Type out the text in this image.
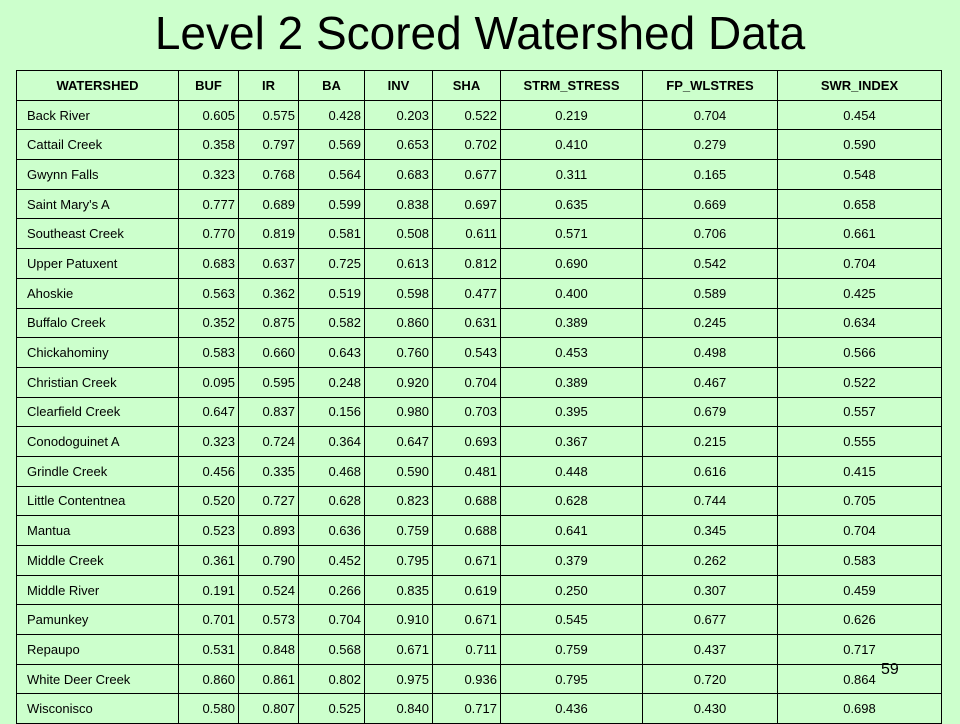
Level 2 Scored Watershed Data
WATERSHED	BUF	IR	BA	INV	SHA	STRM_STRESS	FP_WLSTRES	SWR_INDEX
Back River	0.605	0.575	0.428	0.203	0.522	0.219	0.704	0.454
Cattail Creek	0.358	0.797	0.569	0.653	0.702	0.410	0.279	0.590
Gwynn Falls	0.323	0.768	0.564	0.683	0.677	0.311	0.165	0.548
Saint Mary's A	0.777	0.689	0.599	0.838	0.697	0.635	0.669	0.658
Southeast Creek	0.770	0.819	0.581	0.508	0.611	0.571	0.706	0.661
Upper Patuxent	0.683	0.637	0.725	0.613	0.812	0.690	0.542	0.704
Ahoskie	0.563	0.362	0.519	0.598	0.477	0.400	0.589	0.425
Buffalo Creek	0.352	0.875	0.582	0.860	0.631	0.389	0.245	0.634
Chickahominy	0.583	0.660	0.643	0.760	0.543	0.453	0.498	0.566
Christian Creek	0.095	0.595	0.248	0.920	0.704	0.389	0.467	0.522
Clearfield Creek	0.647	0.837	0.156	0.980	0.703	0.395	0.679	0.557
Conodoguinet A	0.323	0.724	0.364	0.647	0.693	0.367	0.215	0.555
Grindle Creek	0.456	0.335	0.468	0.590	0.481	0.448	0.616	0.415
Little Contentnea	0.520	0.727	0.628	0.823	0.688	0.628	0.744	0.705
Mantua	0.523	0.893	0.636	0.759	0.688	0.641	0.345	0.704
Middle Creek	0.361	0.790	0.452	0.795	0.671	0.379	0.262	0.583
Middle River	0.191	0.524	0.266	0.835	0.619	0.250	0.307	0.459
Pamunkey	0.701	0.573	0.704	0.910	0.671	0.545	0.677	0.626
Repaupo	0.531	0.848	0.568	0.671	0.711	0.759	0.437	0.717
White Deer Creek	0.860	0.861	0.802	0.975	0.936	0.795	0.720	0.864
Wisconisco	0.580	0.807	0.525	0.840	0.717	0.436	0.430	0.698
59
